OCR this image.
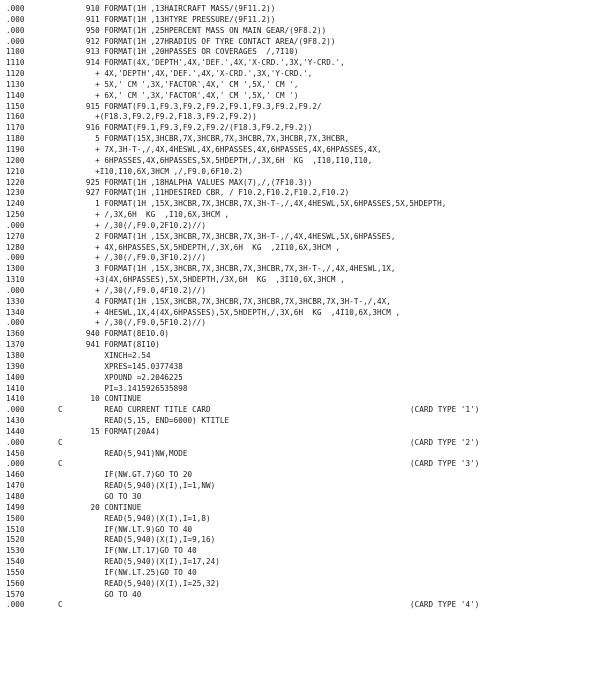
.000	910 FORMAT(1H ,13HAIRCRAFT MASS/(9F11.2))
.000	911 FORMAT(1H ,13HTYRE PRESSURE/(9F11.2))
.000	950 FORMAT(1H ,25HPERCENT MASS ON MAIN GEAR/(9F8.2))
.000	912 FORMAT(1H ,27HRADIUS OF TYRE CONTACT AREA/(9F8.2))
1100	913 FORMAT(1H ,20HPASSES OR COVERAGES  /,7I10)
1110	914 FORMAT(4X,'DEPTH',4X,'DEF.',4X,'X-CRD.',3X,'Y-CRD.',
1120	+ 4X,'DEPTH',4X,'DEF.',4X,'X-CRD.',3X,'Y-CRD.',
1130	+ 5X,' CM ',3X,'FACTOR',4X,' CM ',5X,' CM ',
1140	+ 6X,' CM ',3X,'FACTOR',4X,' CM ',5X,' CM ')
1150	915 FORMAT(F9.1,F9.3,F9.2,F9.2,F9.1,F9.3,F9.2,F9.2/
1160	+(F18.3,F9.2,F9.2,F18.3,F9.2,F9.2))
1170	916 FORMAT(F9.1,F9.3,F9.2,F9.2/(F18.3,F9.2,F9.2))
1180	5 FORMAT(15X,3HCBR,7X,3HCBR,7X,3HCBR,7X,3HCBR,7X,3HCBR,
1190	+ 7X,3H-T-,/,4X,4HESWL,4X,6HPASSES,4X,6HPASSES,4X,6HPASSES,4X,
1200	+ 6HPASSES,4X,6HPASSES,5X,5HDEPTH,/,3X,6H  KG  ,I10,I10,I10,
1210	+I10,I10,6X,3HCM ,/,F9.0,6F10.2)
1220	925 FORMAT(1H ,18HALPHA VALUES MAX(7),/,(7F10.3))
1230	927 FORMAT(1H ,11HDESIRED CBR, / F10.2,F10.2,F10.2,F10.2)
1240	1 FORMAT(1H ,15X,3HCBR,7X,3HCBR,7X,3H-T-,/,4X,4HESWL,5X,6HPASSES,5X,5HDEPTH,
1250	+ /,3X,6H  KG  ,I10,6X,3HCM ,
.000	+ /,30(/,F9.0,2F10.2)//)
1270	2 FORMAT(1H ,15X,3HCBR,7X,3HCBR,7X,3H-T-,/,4X,4HESWL,5X,6HPASSES,
1280	+ 4X,6HPASSES,5X,5HDEPTH,/,3X,6H  KG  ,2I10,6X,3HCM ,
.000	+ /,30(/,F9.0,3F10.2)//)
1300	3 FORMAT(1H ,15X,3HCBR,7X,3HCBR,7X,3HCBR,7X,3H-T-,/,4X,4HESWL,1X,
1310	+3(4X,6HPASSES),5X,5HDEPTH,/3X,6H  KG  ,3I10,6X,3HCM ,
.000	+ /,30(/,F9.0,4F10.2)//)
1330	4 FORMAT(1H ,15X,3HCBR,7X,3HCBR,7X,3HCBR,7X,3HCBR,7X,3H-T-,/,4X,
1340	+ 4HESWL,1X,4(4X,6HPASSES),5X,5HDEPTH,/,3X,6H  KG  ,4I10,6X,3HCM ,
.000	+ /,30(/,F9.0,5F10.2)//)
1360	940 FORMAT(8E10.0)
1370	941 FORMAT(8I10)
1380	XINCH=2.54
1390	XPRES=145.0377438
1400	XPOUND =2.2046225
1410	PI=3.1415926535898
1410	10 CONTINUE
.000	C	READ CURRENT TITLE CARD	(CARD TYPE '1')
1430	READ(5,15, END=6000) KTITLE
1440	15 FORMAT(20A4)
.000	C	(CARD TYPE '2')
1450	READ(5,941)NW,MODE
.000	C	(CARD TYPE '3')
1460	IF(NW.GT.7)GO TO 20
1470	READ(5,940)(X(I),I=1,NW)
1480	GO TO 30
1490	20 CONTINUE
1500	READ(5,940)(X(I),I=1,8)
1510	IF(NW.LT.9)GO TO 40
1520	READ(5,940)(X(I),I=9,16)
1530	IF(NW.LT.17)GO TO 40
1540	READ(5,940)(X(I),I=17,24)
1550	IF(NW.LT.25)GO TO 40
1560	READ(5,940)(X(I),I=25,32)
1570	GO TO 40
.000	C	(CARD TYPE '4')
